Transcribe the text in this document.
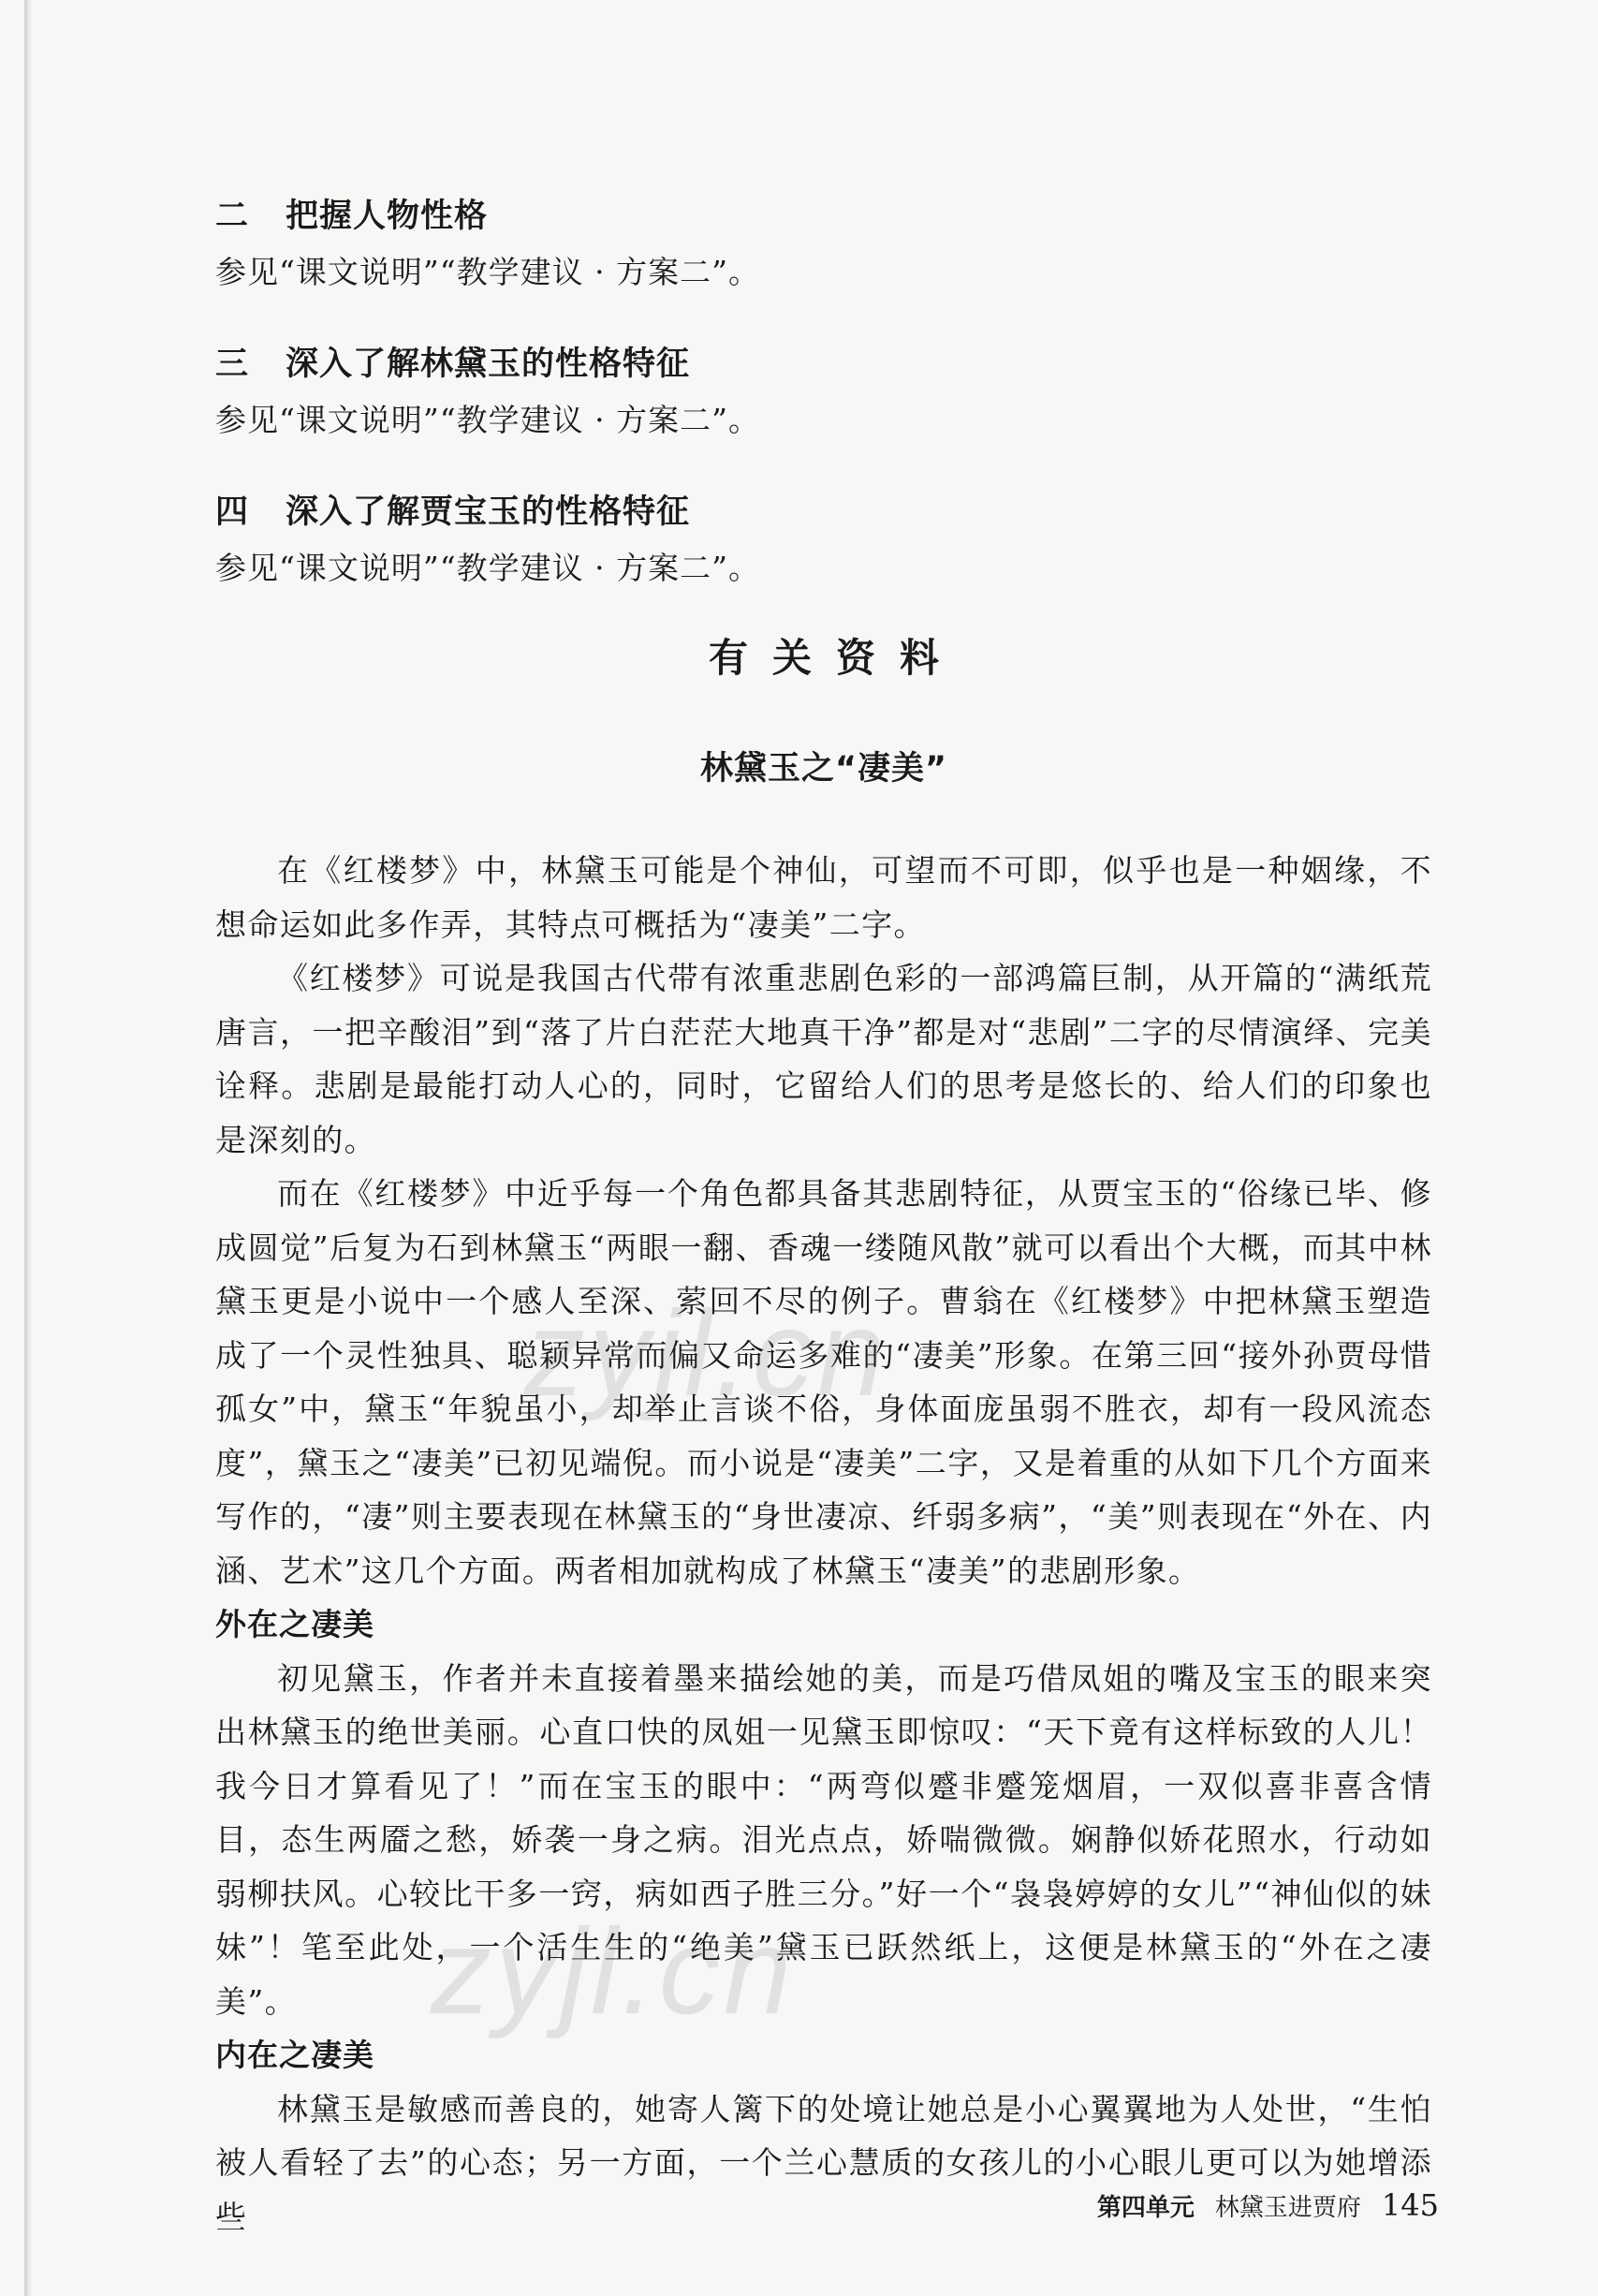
二 把握人物性格

参见“课文说明”“教学建议 · 方案二”。

三 深入了解林黛玉的性格特征

参见“课文说明”“教学建议 · 方案二”。

四 深入了解贾宝玉的性格特征

参见“课文说明”“教学建议 · 方案二”。

有关资料
林黛玉之“凄美”

在《红楼梦》中，林黛玉可能是个神仙，可望而不可即，似乎也是一种姻缘，不想命运如此多作弄，其特点可概括为“凄美”二字。

《红楼梦》可说是我国古代带有浓重悲剧色彩的一部鸿篇巨制，从开篇的“满纸荒唐言，一把辛酸泪”到“落了片白茫茫大地真干净”都是对“悲剧”二字的尽情演绎、完美诠释。悲剧是最能打动人心的，同时，它留给人们的思考是悠长的、给人们的印象也是深刻的。

而在《红楼梦》中近乎每一个角色都具备其悲剧特征，从贾宝玉的“俗缘已毕、修成圆觉”后复为石到林黛玉“两眼一翻、香魂一缕随风散”就可以看出个大概，而其中林黛玉更是小说中一个感人至深、萦回不尽的例子。曹翁在《红楼梦》中把林黛玉塑造成了一个灵性独具、聪颖异常而偏又命运多难的“凄美”形象。在第三回“接外孙贾母惜孤女”中，黛玉“年貌虽小，却举止言谈不俗，身体面庞虽弱不胜衣，却有一段风流态度”，黛玉之“凄美”已初见端倪。而小说是“凄美”二字，又是着重的从如下几个方面来写作的，“凄”则主要表现在林黛玉的“身世凄凉、纤弱多病”，“美”则表现在“外在、内涵、艺术”这几个方面。两者相加就构成了林黛玉“凄美”的悲剧形象。

外在之凄美

初见黛玉，作者并未直接着墨来描绘她的美，而是巧借凤姐的嘴及宝玉的眼来突出林黛玉的绝世美丽。心直口快的凤姐一见黛玉即惊叹：“天下竟有这样标致的人儿！我今日才算看见了！”而在宝玉的眼中：“两弯似蹙非蹙笼烟眉，一双似喜非喜含情目，态生两靥之愁，娇袭一身之病。泪光点点，娇喘微微。娴静似娇花照水，行动如弱柳扶风。心较比干多一窍，病如西子胜三分。”好一个“袅袅婷婷的女儿”“神仙似的妹妹”！笔至此处，一个活生生的“绝美”黛玉已跃然纸上，这便是林黛玉的“外在之凄美”。

内在之凄美

林黛玉是敏感而善良的，她寄人篱下的处境让她总是小心翼翼地为人处世，“生怕被人看轻了去”的心态；另一方面，一个兰心慧质的女孩儿的小心眼儿更可以为她增添些

zyjl.cn
zyjl.cn
第四单元 林黛玉进贾府 145
